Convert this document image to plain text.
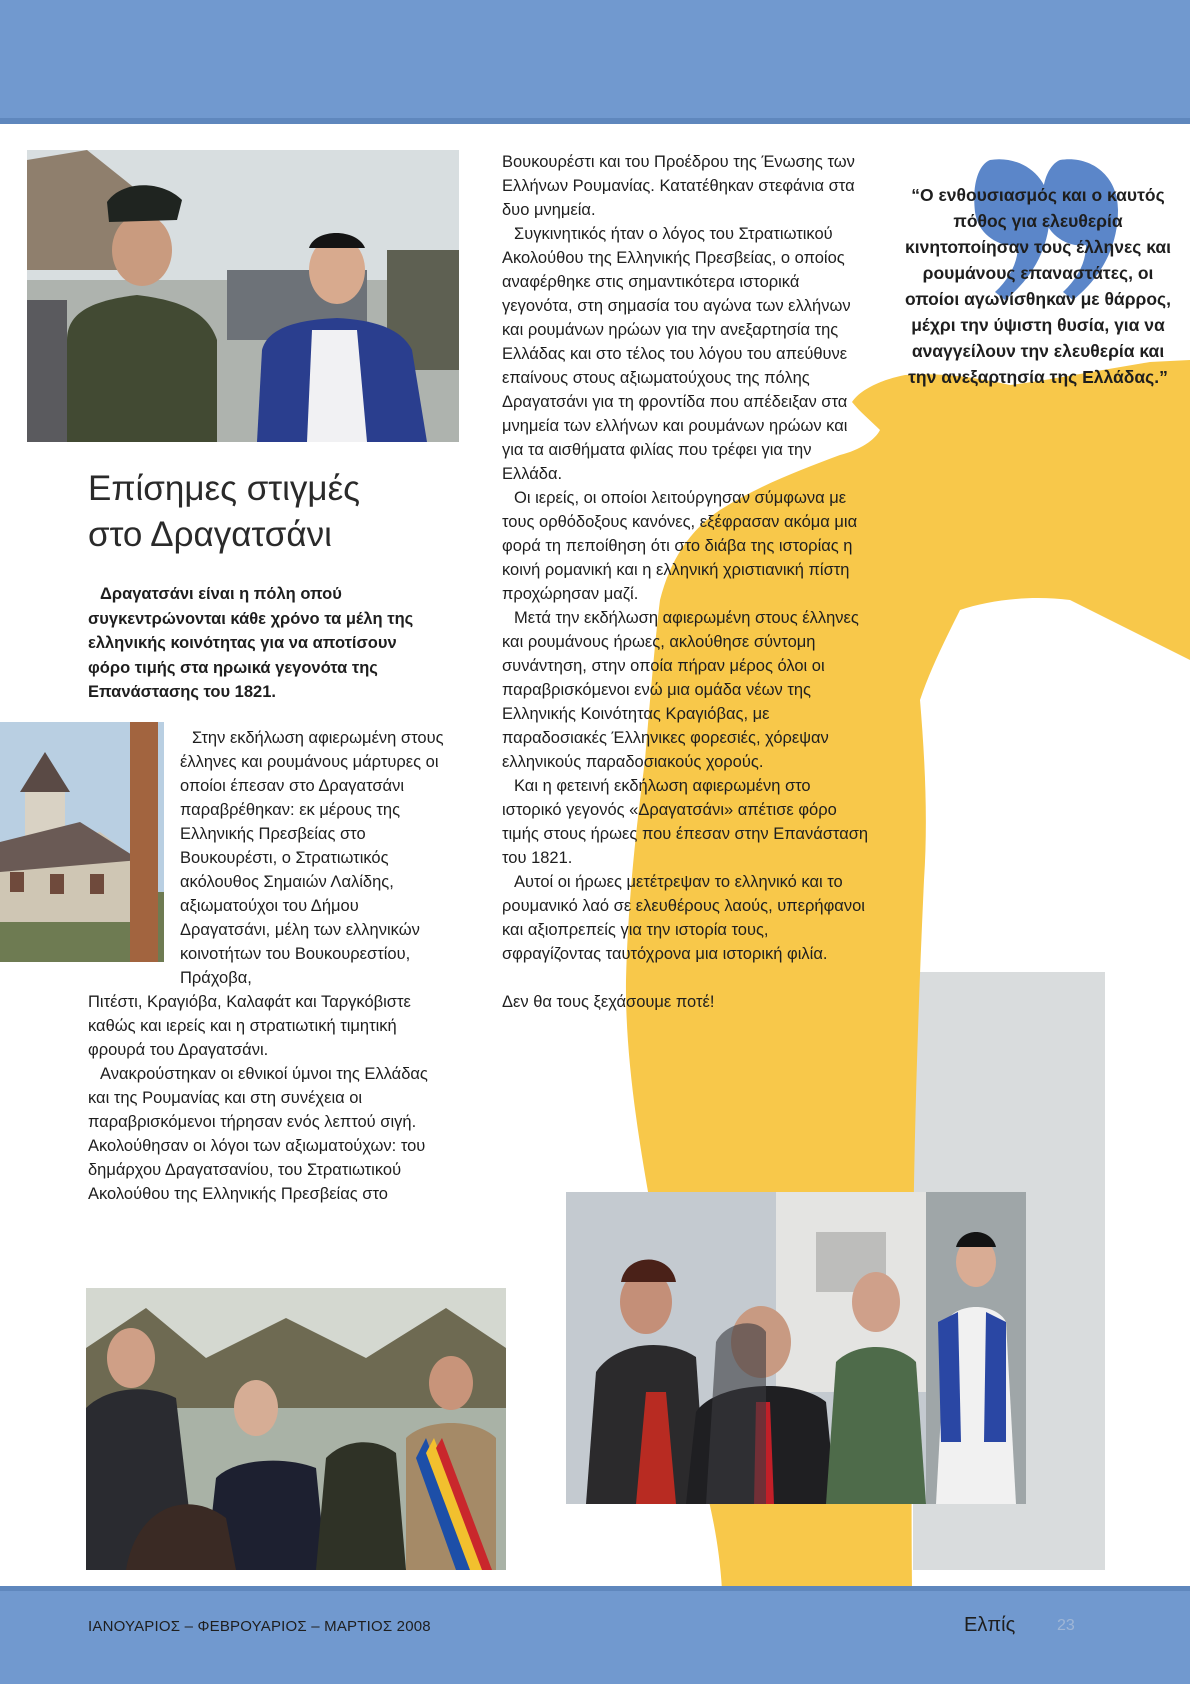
Επίσημες στιγμές
στο Δραγατσάνι

Δραγατσάνι είναι η πόλη οπού συγκεντρώνονται κάθε χρόνο τα μέλη της ελληνικής κοινότητας για να αποτίσουν φόρο τιμής στα ηρωικά γεγονότα της Επανάστασης του 1821.

Στην εκδήλωση αφιερωμένη στους έλληνες και ρουμάνους μάρτυρες οι οποίοι έπεσαν στο Δραγατσάνι παραβρέθηκαν: εκ μέρους της Ελληνικής Πρεσβείας στο Βουκουρέστι, ο Στρατιωτικός ακόλουθος Σημαιών Λαλίδης, αξιωματούχοι του Δήμου Δραγατσάνι, μέλη των ελληνικών κοινοτήτων του Βουκουρεστίου, Πράχοβα,

Πιτέστι, Κραγιόβα, Καλαφάτ και Ταργκόβιστε καθώς και ιερείς και η στρατιωτική τιμητική φρουρά του Δραγατσάνι.

Ανακρούστηκαν οι εθνικοί ύμνοι της Ελλάδας και της Ρουμανίας και στη συνέχεια οι παραβρισκόμενοι τήρησαν ενός λεπτού σιγή. Ακολούθησαν οι λόγοι των αξιωματούχων: του δημάρχου Δραγατσανίου, του Στρατιωτικού Ακολούθου της Ελληνικής Πρεσβείας στο

Βουκουρέστι και του Προέδρου της Ένωσης των Ελλήνων Ρουμανίας. Κατατέθηκαν στεφάνια στα δυο μνημεία.

Συγκινητικός ήταν ο λόγος του Στρατιωτικού Ακολούθου της Ελληνικής Πρεσβείας, ο οποίος αναφέρθηκε στις σημαντικότερα ιστορικά γεγονότα, στη σημασία του αγώνα των ελλήνων και ρουμάνων ηρώων για την ανεξαρτησία της Ελλάδας και στο τέλος του λόγου του απεύθυνε επαίνους στους αξιωματούχους της πόλης Δραγατσάνι για τη φροντίδα που απέδειξαν στα μνημεία των ελλήνων και ρουμάνων ηρώων και για τα αισθήματα φιλίας που τρέφει για την Ελλάδα.

Οι ιερείς, οι οποίοι λειτούργησαν σύμφωνα με τους ορθόδοξους κανόνες, εξέφρασαν ακόμα μια φορά τη πεποίθηση ότι στο διάβα της ιστορίας η κοινή ρομανική και η ελληνική χριστιανική πίστη προχώρησαν μαζί.

Μετά την εκδήλωση αφιερωμένη στους έλληνες και ρουμάνους ήρωες, ακλούθησε σύντομη συνάντηση, στην οποία πήραν μέρος όλοι οι παραβρισκόμενοι ενώ μια ομάδα νέων της Ελληνικής Κοινότητας Κραγιόβας, με παραδοσιακές Έλληνικες φορεσιές, χόρεψαν ελληνικούς παραδοσιακούς χορούς.

Και η φετεινή εκδήλωση αφιερωμένη στο ιστορικό γεγονός «Δραγατσάνι» απέτισε φόρο τιμής στους ήρωες που έπεσαν στην Επανάσταση του 1821.

Αυτοί οι ήρωες μετέτρεψαν το ελληνικό και το ρουμανικό λαό σε ελευθέρους λαούς, υπερήφανοι και αξιοπρεπείς για την ιστορία τους, σφραγίζοντας ταυτόχρονα μια ιστορική φιλία.

Δεν θα τους ξεχάσουμε ποτέ!

“Ο ενθουσιασμός και ο καυτός πόθος για ελευθερία κινητοποίησαν τους έλληνες και ρουμάνους επαναστάτες, οι οποίοι αγωνίσθηκαν με θάρρος, μέχρι την ύψιστη θυσία, για να αναγγείλουν την ελευθερία και την ανεξαρτησία της Ελλάδας.”

ΙΑΝΟΥΑΡΙΟΣ – ΦΕΒΡΟΥΑΡΙΟΣ – ΜΑΡΤΙΟΣ 2008	Ελπίς	23
